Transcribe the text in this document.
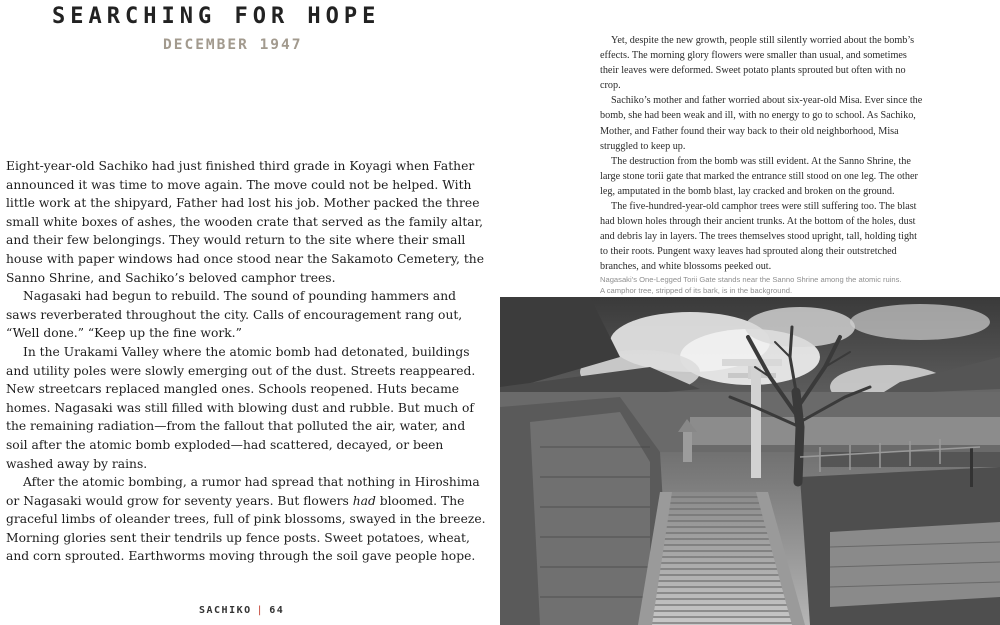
SEARCHING FOR HOPE
DECEMBER 1947

Eight-year-old Sachiko had just finished third grade in Koyagi when Father announced it was time to move again. The move could not be helped. With little work at the shipyard, Father had lost his job. Mother packed the three small white boxes of ashes, the wooden crate that served as the family altar, and their few belongings. They would return to the site where their small house with paper windows had once stood near the Sakamoto Cemetery, the Sanno Shrine, and Sachiko’s beloved camphor trees.

Nagasaki had begun to rebuild. The sound of pounding hammers and saws reverberated throughout the city. Calls of encouragement rang out, “Well done.” “Keep up the fine work.”

In the Urakami Valley where the atomic bomb had detonated, buildings and utility poles were slowly emerging out of the dust. Streets reappeared. New streetcars replaced mangled ones. Schools reopened. Huts became homes. Nagasaki was still filled with blowing dust and rubble. But much of the remaining radiation—from the fallout that polluted the air, water, and soil after the atomic bomb exploded—had scattered, decayed, or been washed away by rains.

After the atomic bombing, a rumor had spread that nothing in Hiroshima or Nagasaki would grow for seventy years. But flowers had bloomed. The graceful limbs of oleander trees, full of pink blossoms, swayed in the breeze. Morning glories sent their tendrils up fence posts. Sweet potatoes, wheat, and corn sprouted. Earthworms moving through the soil gave people hope.

Yet, despite the new growth, people still silently worried about the bomb’s effects. The morning glory flowers were smaller than usual, and sometimes their leaves were deformed. Sweet potato plants sprouted but often with no crop.

Sachiko’s mother and father worried about six-year-old Misa. Ever since the bomb, she had been weak and ill, with no energy to go to school. As Sachiko, Mother, and Father found their way back to their old neighborhood, Misa struggled to keep up.

The destruction from the bomb was still evident. At the Sanno Shrine, the large stone torii gate that marked the entrance still stood on one leg. The other leg, amputated in the bomb blast, lay cracked and broken on the ground.

The five-hundred-year-old camphor trees were still suffering too. The blast had blown holes through their ancient trunks. At the bottom of the holes, dust and debris lay in layers. The trees themselves stood upright, tall, holding tight to their roots. Pungent waxy leaves had sprouted along their outstretched branches, and white blossoms peeked out.

Nagasaki’s One-Legged Torii Gate stands near the Sanno Shrine among the atomic ruins.
A camphor tree, stripped of its bark, is in the background.
SACHIKO | 64
